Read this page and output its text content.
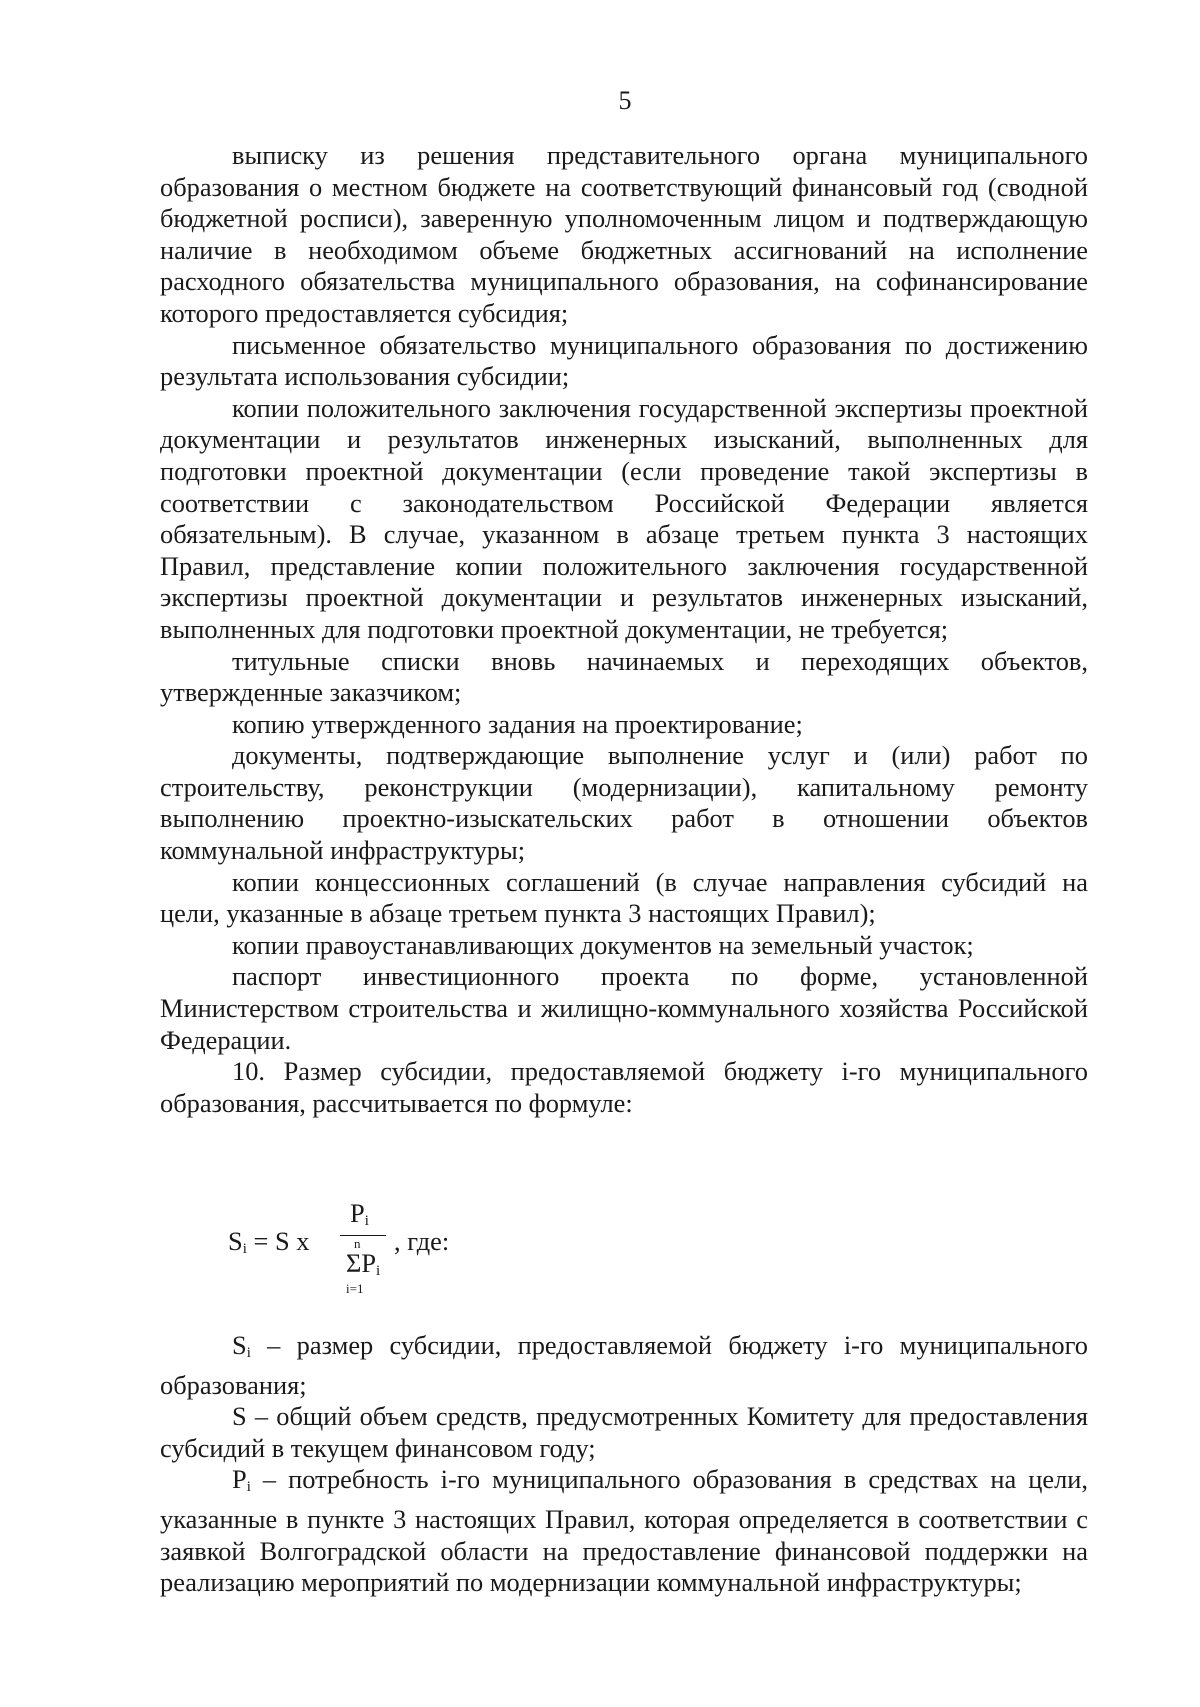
5

выписку из решения представительного органа муниципального образования о местном бюджете на соответствующий финансовый год (сводной бюджетной росписи), заверенную уполномоченным лицом и подтверждающую наличие в необходимом объеме бюджетных ассигнований на исполнение расходного обязательства муниципального образования, на софинансирование которого предоставляется субсидия;

письменное обязательство муниципального образования по достижению результата использования субсидии;

копии положительного заключения государственной экспертизы проектной документации и результатов инженерных изысканий, выполненных для подготовки проектной документации (если проведение такой экспертизы в соответствии с законодательством Российской Федерации является обязательным). В случае, указанном в абзаце третьем пункта 3 настоящих Правил, представление копии положительного заключения государственной экспертизы проектной документации и результатов инженерных изысканий, выполненных для подготовки проектной документации, не требуется;

титульные списки вновь начинаемых и переходящих объектов, утвержденные заказчиком;

копию утвержденного задания на проектирование;

документы, подтверждающие выполнение услуг и (или) работ по строительству, реконструкции (модернизации), капитальному ремонту выполнению проектно-изыскательских работ в отношении объектов коммунальной инфраструктуры;

копии концессионных соглашений (в случае направления субсидий на цели, указанные в абзаце третьем пункта 3 настоящих Правил);

копии правоустанавливающих документов на земельный участок;

паспорт инвестиционного проекта по форме, установленной Министерством строительства и жилищно-коммунального хозяйства Российской Федерации.

10. Размер субсидии, предоставляемой бюджету i-го муниципального образования, рассчитывается по формуле:

$S_i = S$ x
$P_i$
n
$\Sigma P_i$
i=1
, где:

$S_i$ – размер субсидии, предоставляемой бюджету i-го муниципального образования;

S – общий объем средств, предусмотренных Комитету для предоставления субсидий в текущем финансовом году;

$P_i$ – потребность i-го муниципального образования в средствах на цели, указанные в пункте 3 настоящих Правил, которая определяется в соответствии с заявкой Волгоградской области на предоставление финансовой поддержки на реализацию мероприятий по модернизации коммунальной инфраструктуры;
